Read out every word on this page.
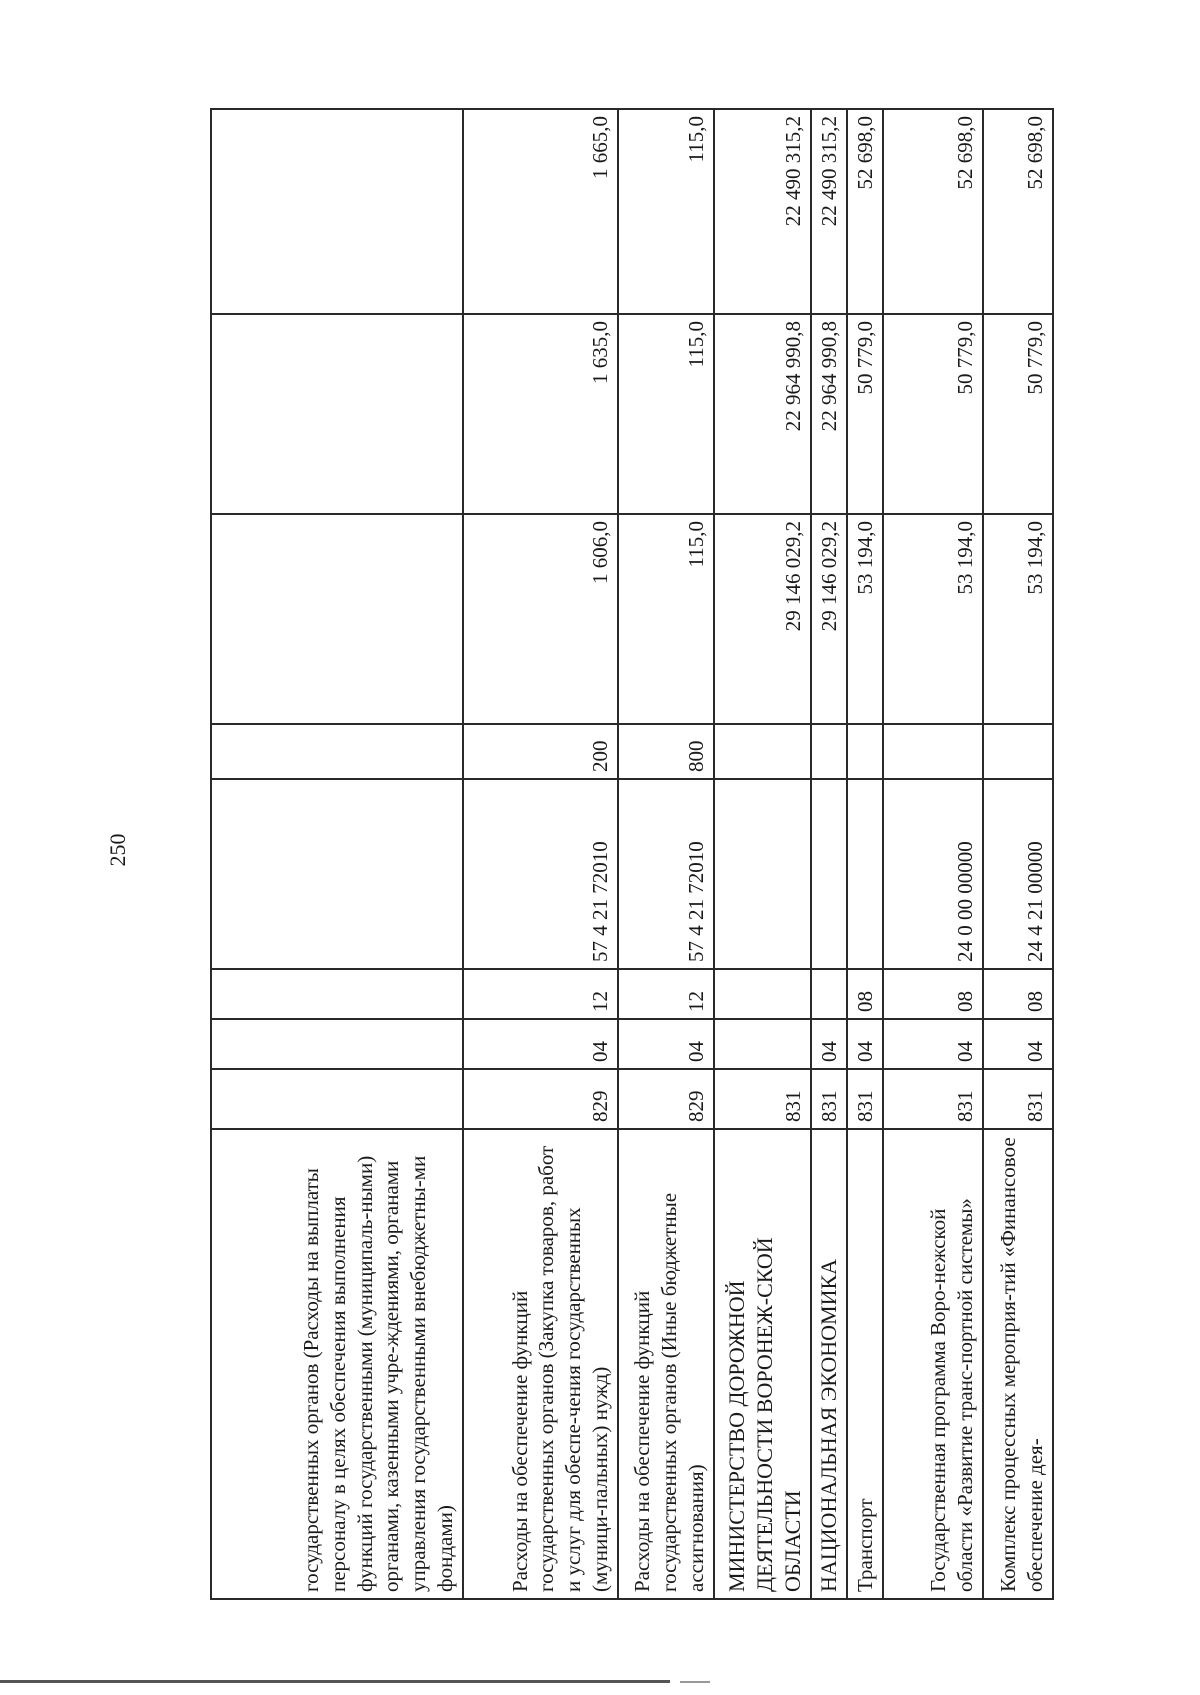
250
государственных органов (Расходы на выплаты персоналу в целях обеспечения выполнения функций государственными (муниципаль-ными) органами, казенными учре-ждениями, органами управления государственными внебюджетны-ми фондами)								
Расходы на обеспечение функций государственных органов (Закупка товаров, работ и услуг для обеспе-чения государственных (муници-пальных) нужд)	829	04	12	57 4 21 72010	200	1 606,0	1 635,0	1 665,0
Расходы на обеспечение функций государственных органов (Иные бюджетные ассигнования)	829	04	12	57 4 21 72010	800	115,0	115,0	115,0
МИНИСТЕРСТВО ДОРОЖНОЙ ДЕЯТЕЛЬНОСТИ ВОРОНЕЖ-СКОЙ ОБЛАСТИ	831					29 146 029,2	22 964 990,8	22 490 315,2
НАЦИОНАЛЬНАЯ ЭКОНОМИКА	831	04				29 146 029,2	22 964 990,8	22 490 315,2
Транспорт	831	04	08			53 194,0	50 779,0	52 698,0
Государственная программа Воро-нежской области «Развитие транс-портной системы»	831	04	08	24 0 00 00000		53 194,0	50 779,0	52 698,0
Комплекс процессных мероприя-тий «Финансовое обеспечение дея-	831	04	08	24 4 21 00000		53 194,0	50 779,0	52 698,0
